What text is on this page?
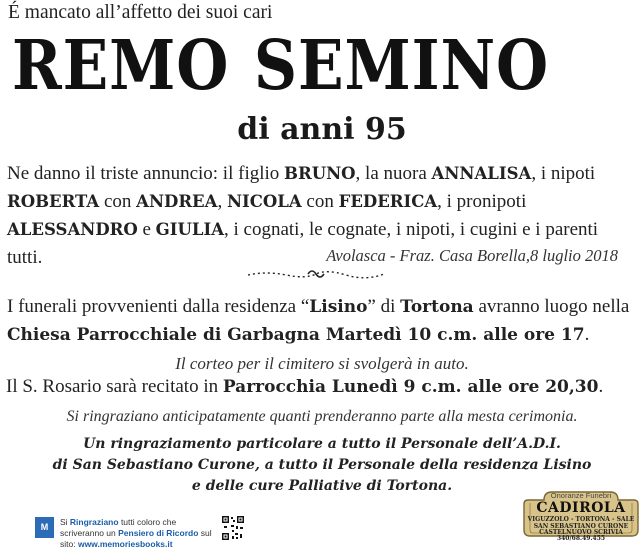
É mancato all’affetto dei suoi cari
REMO SEMINO
di anni 95
Ne danno il triste annuncio: il figlio BRUNO, la nuora ANNALISA, i nipoti ROBERTA con ANDREA, NICOLA con FEDERICA, i pronipoti ALESSANDRO e GIULIA, i cognati, le cognate, i nipoti, i cugini e i parenti tutti.	Avolasca - Fraz. Casa Borella,8 luglio 2018
I funerali provvenienti dalla residenza “Lisino” di Tortona avranno luogo nella Chiesa Parrocchiale di Garbagna Martedì 10 c.m. alle ore 17.
Il corteo per il cimitero si svolgerà in auto.
Il S. Rosario sarà recitato in Parrocchia Lunedì 9 c.m. alle ore 20,30.
Si ringraziano anticipatamente quanti prenderanno parte alla mesta cerimonia.
Un ringraziamento particolare a tutto il Personale dell’A.D.I.
di San Sebastiano Curone, a tutto il Personale della residenza Lisino
e delle cure Palliative di Tortona.
M	Si Ringraziano tutti coloro che scriveranno un Pensiero di Ricordo sul sito: www.memoriesbooks.it
Onoranze Funebri
CADIROLA
VIGUZZOLO - TORTONA - SALE
SAN SEBASTIANO CURONE
CASTELNUOVO SCRIVIA
340/68.49.455
